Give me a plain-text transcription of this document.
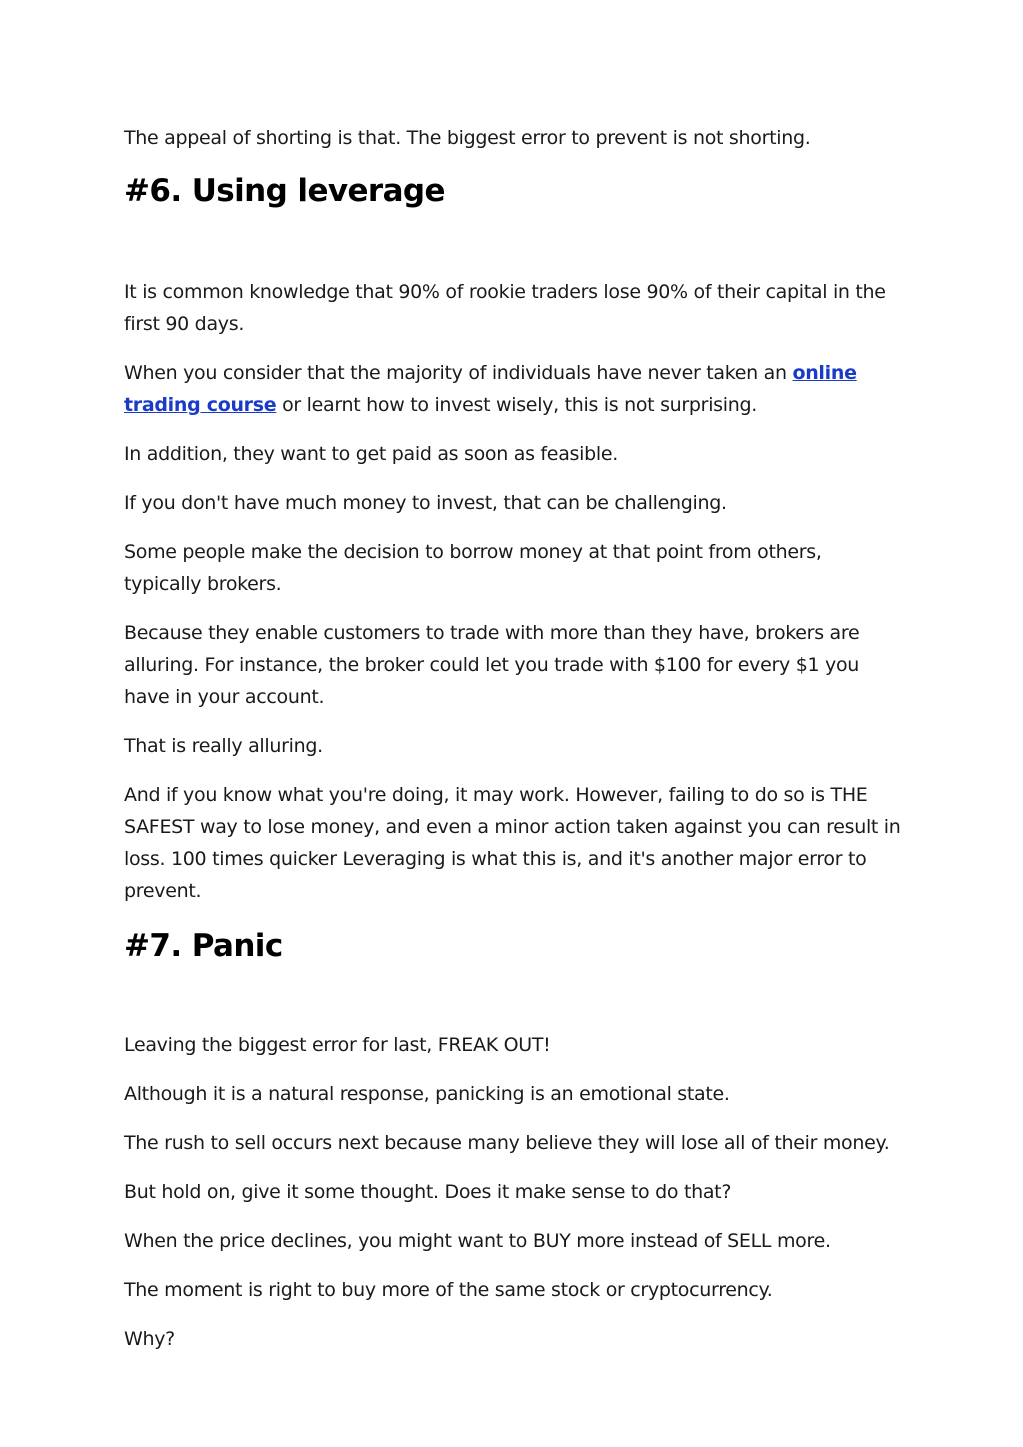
The appeal of shorting is that. The biggest error to prevent is not shorting.

#6. Using leverage

It is common knowledge that 90% of rookie traders lose 90% of their capital in the first 90 days.

When you consider that the majority of individuals have never taken an online trading course or learnt how to invest wisely, this is not surprising.

In addition, they want to get paid as soon as feasible.

If you don't have much money to invest, that can be challenging.

Some people make the decision to borrow money at that point from others, typically brokers.

Because they enable customers to trade with more than they have, brokers are alluring. For instance, the broker could let you trade with $100 for every $1 you have in your account.

That is really alluring.

And if you know what you're doing, it may work. However, failing to do so is THE SAFEST way to lose money, and even a minor action taken against you can result in loss. 100 times quicker Leveraging is what this is, and it's another major error to prevent.

#7. Panic

Leaving the biggest error for last, FREAK OUT!

Although it is a natural response, panicking is an emotional state.

The rush to sell occurs next because many believe they will lose all of their money.

But hold on, give it some thought. Does it make sense to do that?

When the price declines, you might want to BUY more instead of SELL more.

The moment is right to buy more of the same stock or cryptocurrency.

Why?
